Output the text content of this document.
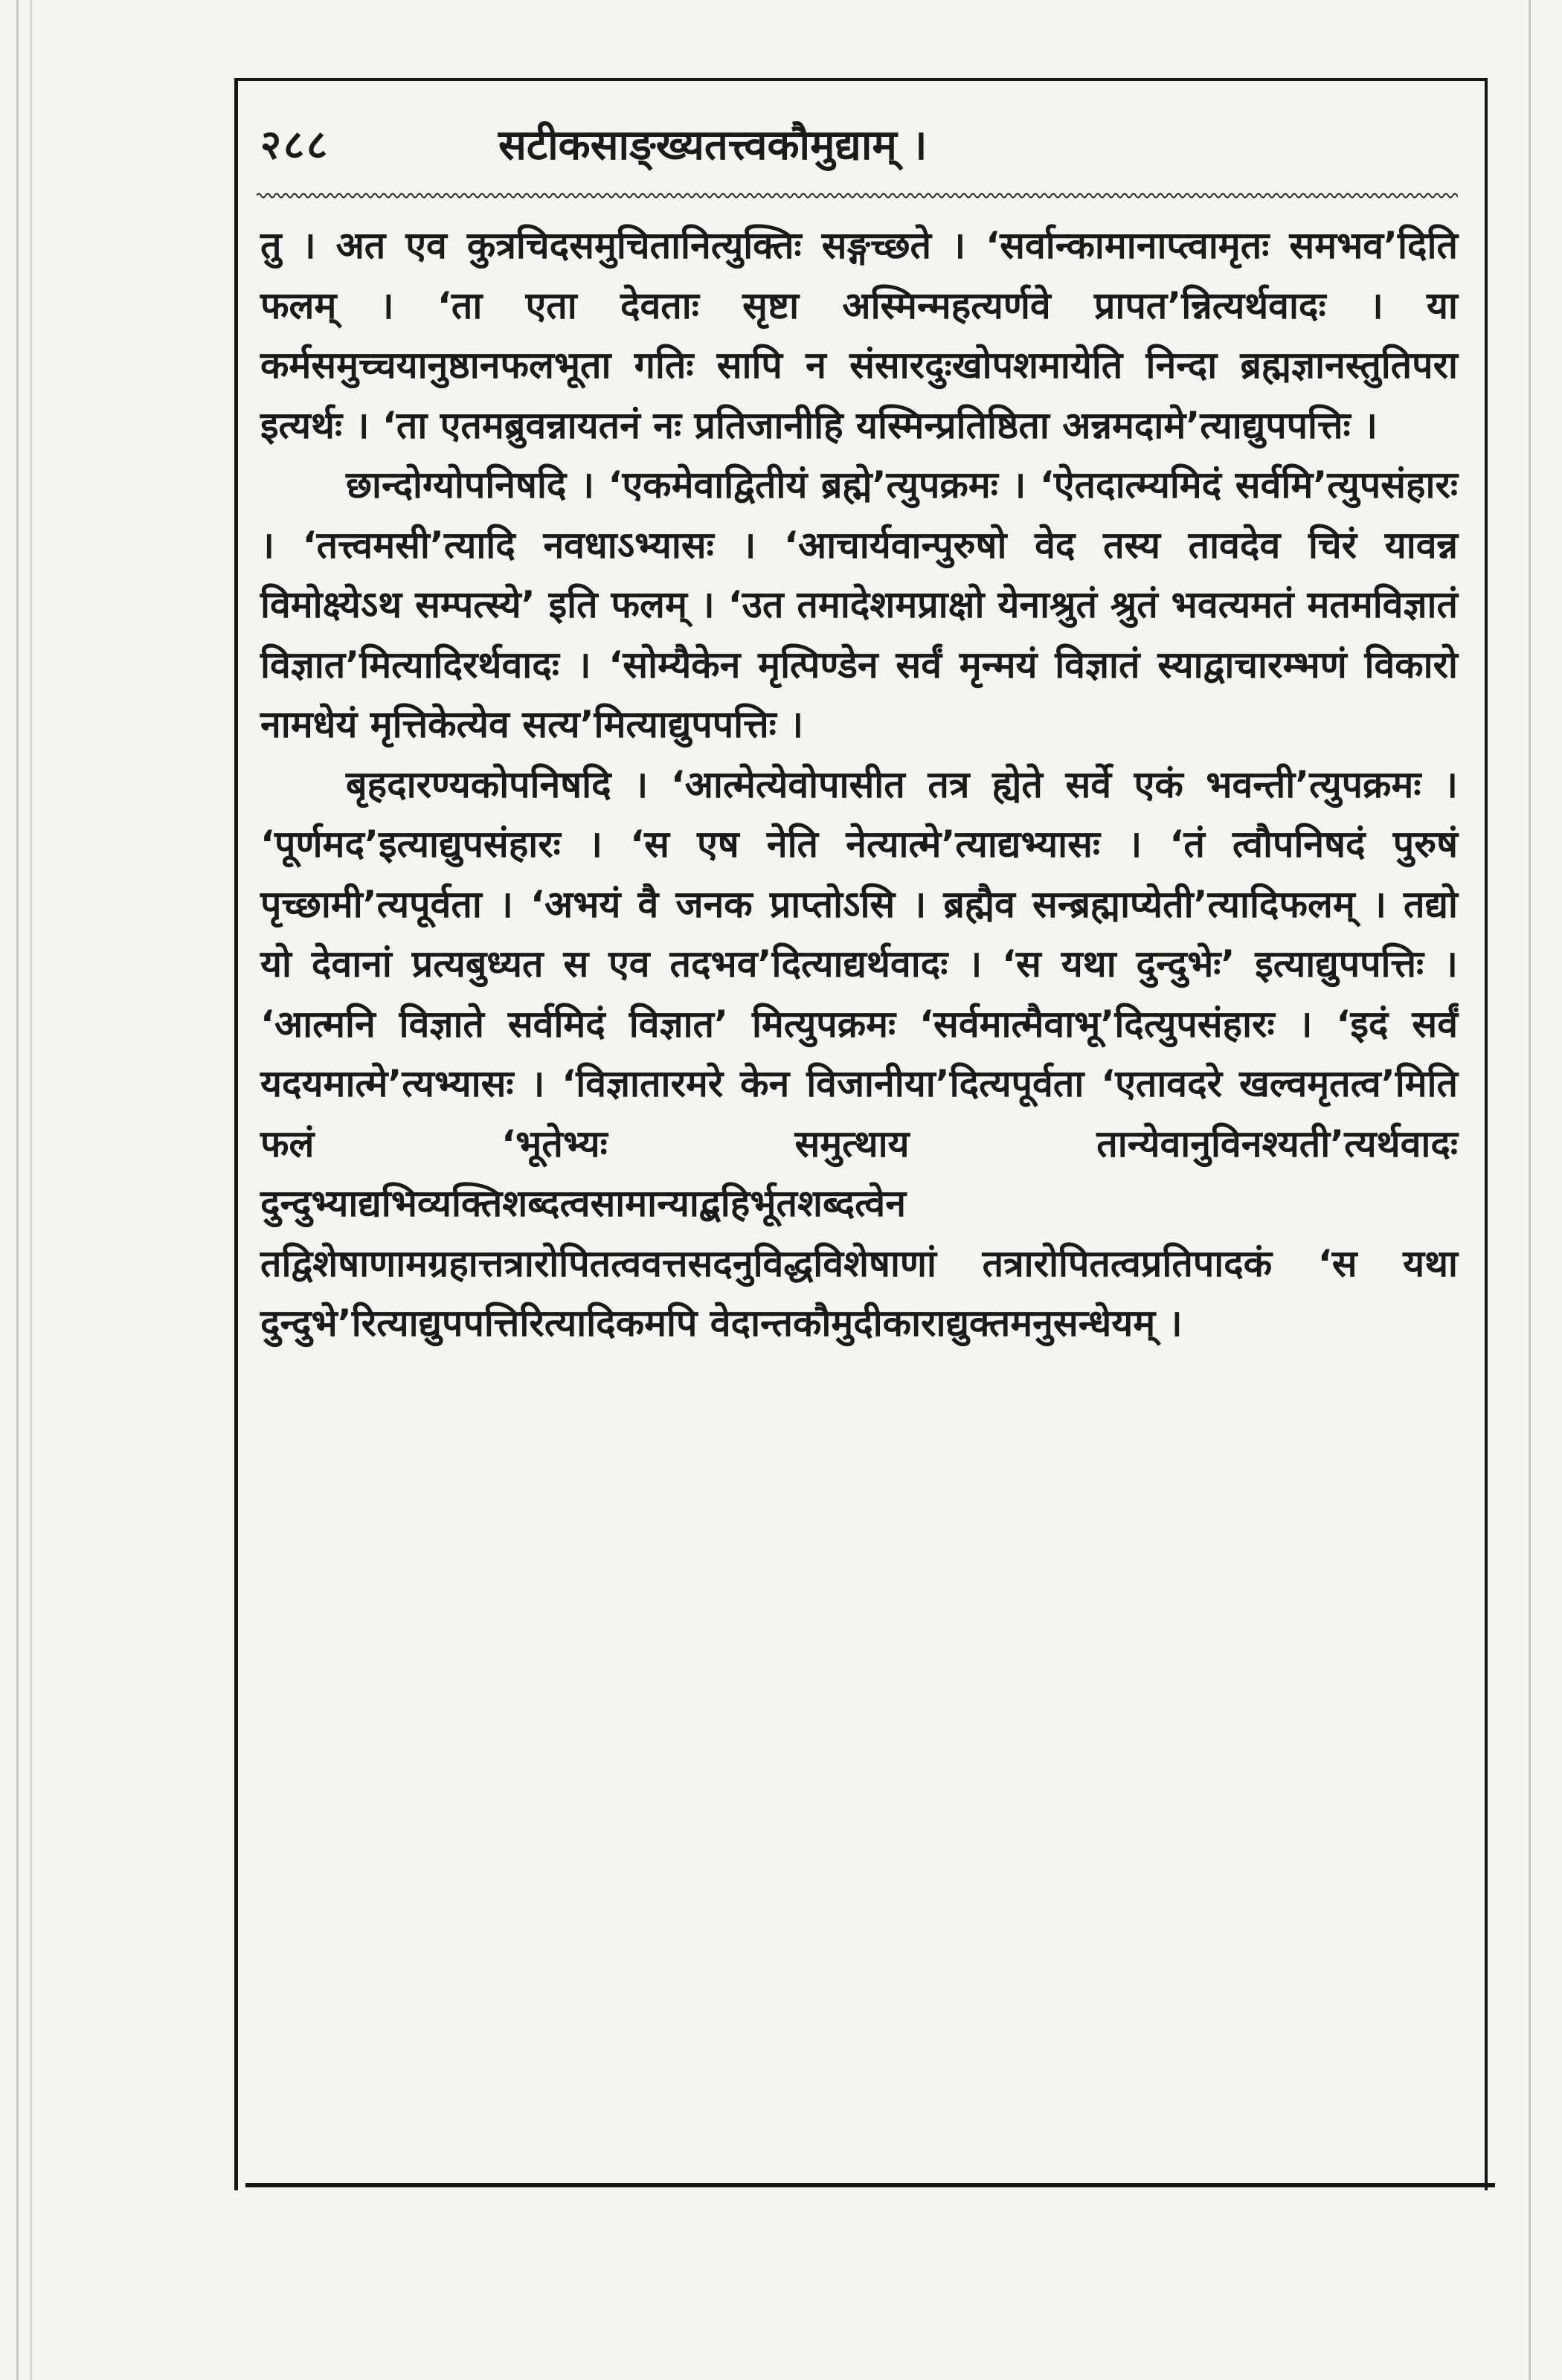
२८८	सटीकसाङ्ख्यतत्त्वकौमुद्याम् ।

तु । अत एव कुत्रचिदसमुचितानित्युक्तिः सङ्गच्छते । ‘सर्वान्कामानाप्त्वामृतः समभव’दिति फलम् । ‘ता एता देवताः सृष्टा अस्मिन्महत्यर्णवे प्रापत’न्नित्यर्थवादः । या कर्मसमुच्चयानुष्ठानफलभूता गतिः सापि न संसारदुःखोपशमायेति निन्दा ब्रह्मज्ञानस्तुतिपरा इत्यर्थः । ‘ता एतमब्रुवन्नायतनं नः प्रतिजानीहि यस्मिन्प्रतिष्ठिता अन्नमदामे’त्याद्युपपत्तिः ।

छान्दोग्योपनिषदि । ‘एकमेवाद्वितीयं ब्रह्मे’त्युपक्रमः । ‘ऐतदात्म्यमिदं सर्वमि’त्युपसंहारः । ‘तत्त्वमसी’त्यादि नवधाऽभ्यासः । ‘आचार्यवान्पुरुषो वेद तस्य तावदेव चिरं यावन्न विमोक्ष्येऽथ सम्पत्स्ये’ इति फलम् । ‘उत तमादेशमप्राक्षो येनाश्रुतं श्रुतं भवत्यमतं मतमविज्ञातं विज्ञात’मित्यादिरर्थवादः । ‘सोम्यैकेन मृत्पिण्डेन सर्वं मृन्मयं विज्ञातं स्याद्वाचारम्भणं विकारो नामधेयं मृत्तिकेत्येव सत्य’मित्याद्युपपत्तिः ।

बृहदारण्यकोपनिषदि । ‘आत्मेत्येवोपासीत तत्र ह्येते सर्वे एकं भवन्ती’त्युपक्रमः । ‘पूर्णमद’इत्याद्युपसंहारः । ‘स एष नेति नेत्यात्मे’त्याद्यभ्यासः । ‘तं त्वौपनिषदं पुरुषं पृच्छामी’त्यपूर्वता । ‘अभयं वै जनक प्राप्तोऽसि । ब्रह्मैव सन्ब्रह्माप्येती’त्यादिफलम् । तद्यो यो देवानां प्रत्यबुध्यत स एव तदभव’दित्याद्यर्थवादः । ‘स यथा दुन्दुभेः’ इत्याद्युपपत्तिः । ‘आत्मनि विज्ञाते सर्वमिदं विज्ञात’ मित्युपक्रमः ‘सर्वमात्मैवाभू’दित्युपसंहारः । ‘इदं सर्वं यदयमात्मे’त्यभ्यासः । ‘विज्ञातारमरे केन विजानीया’दित्यपूर्वता ‘एतावदरे खल्वमृतत्व’मिति फलं ‘भूतेभ्यः समुत्थाय तान्येवानुविनश्यती’त्यर्थवादः दुन्दुभ्याद्यभिव्यक्तिशब्दत्वसामान्याद्बहिर्भूतशब्दत्वेन तद्विशेषाणामग्रहात्तत्रारोपितत्ववत्तसदनुविद्धविशेषाणां तत्रारोपितत्वप्रतिपादकं ‘स यथा दुन्दुभे’रित्याद्युपपत्तिरित्यादिकमपि वेदान्तकौमुदीकाराद्युक्तमनुसन्धेयम् ।
